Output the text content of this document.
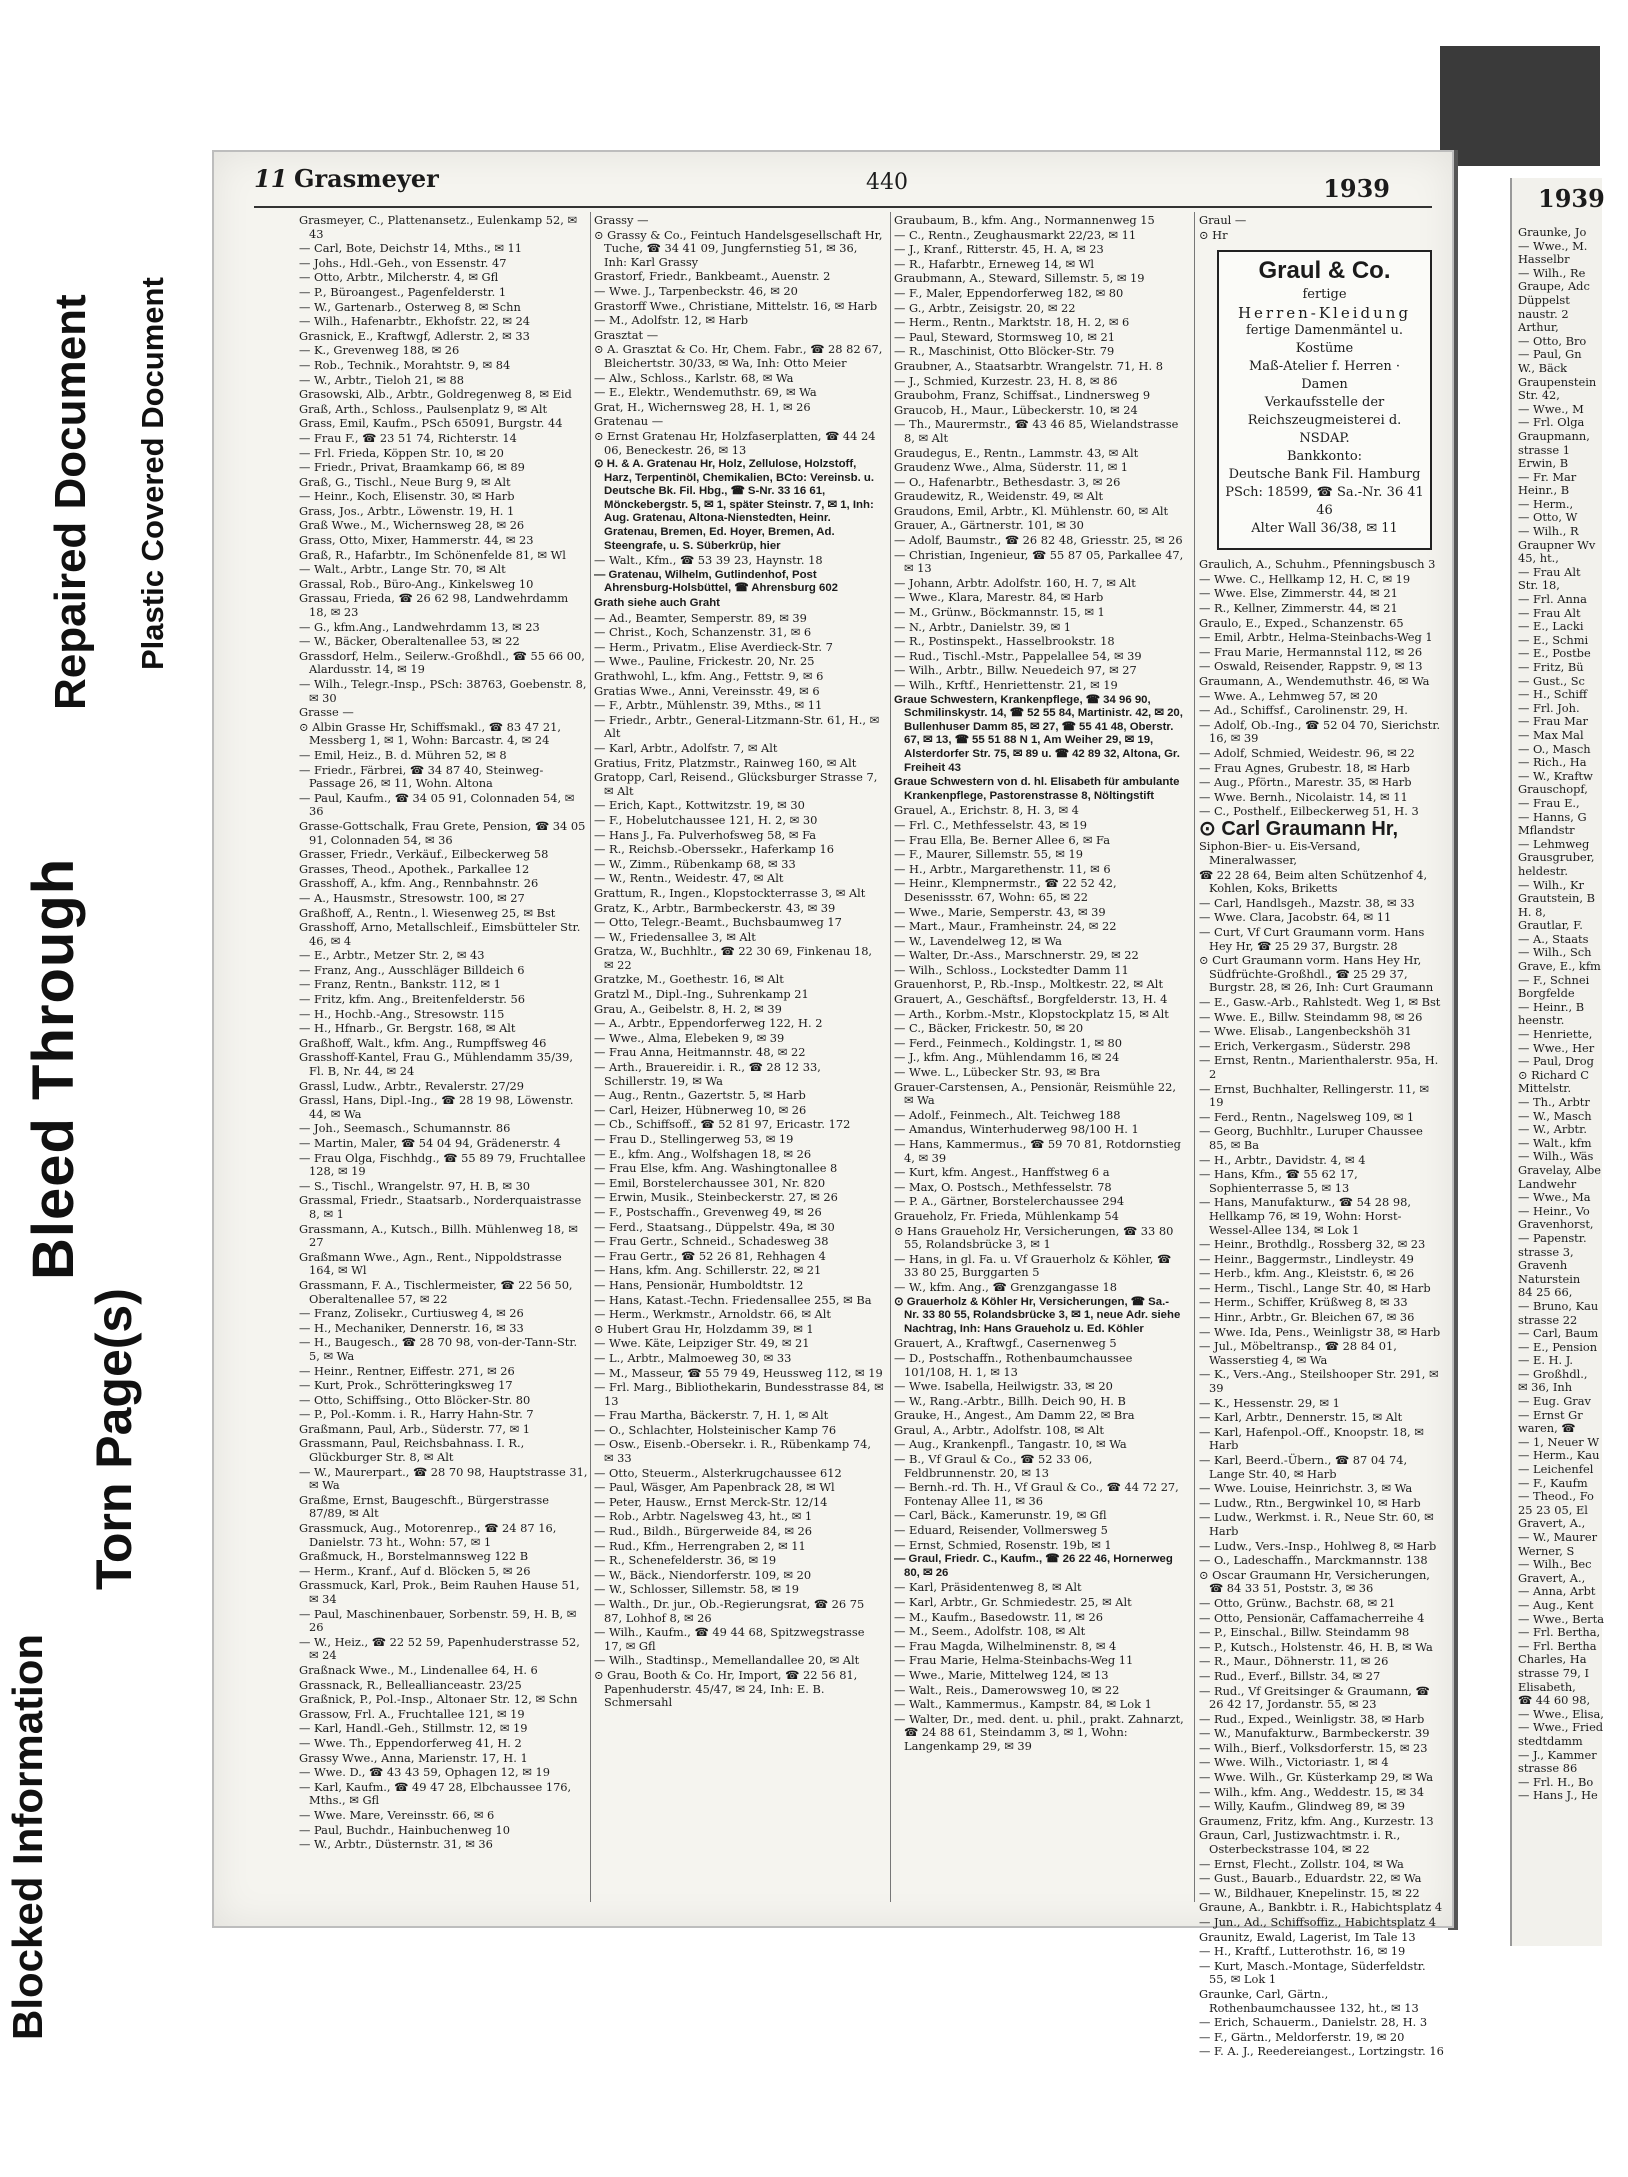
Torn Page(s)
Blocked Information
Bleed Through
Repaired Document Plastic Covered Document
11 Grasmeyer	440	1939
Grasmeyer, C., Plattenansetz., Eulenkamp 52, ✉ 43
— Carl, Bote, Deichstr 14, Mths., ✉ 11
— Johs., Hdl.-Geh., von Essenstr. 47
— Otto, Arbtr., Milcherstr. 4, ✉ Gfl
— P., Büroangest., Pagenfelderstr. 1
— W., Gartenarb., Osterweg 8, ✉ Schn
— Wilh., Hafenarbtr., Ekhofstr. 22, ✉ 24
Grasnick, E., Kraftwgf, Adlerstr. 2, ✉ 33
— K., Grevenweg 188, ✉ 26
— Rob., Technik., Morahtstr. 9, ✉ 84
— W., Arbtr., Tieloh 21, ✉ 88
Grasowski, Alb., Arbtr., Goldregenweg 8, ✉ Eid
Graß, Arth., Schloss., Paulsenplatz 9, ✉ Alt
Grass, Emil, Kaufm., PSch 65091, Burgstr. 44
— Frau F., ☎ 23 51 74, Richterstr. 14
— Frl. Frieda, Köppen Str. 10, ✉ 20
— Friedr., Privat, Braamkamp 66, ✉ 89
Graß, G., Tischl., Neue Burg 9, ✉ Alt
— Heinr., Koch, Elisenstr. 30, ✉ Harb
Grass, Jos., Arbtr., Löwenstr. 19, H. 1
Graß Wwe., M., Wichernsweg 28, ✉ 26
Grass, Otto, Mixer, Hammerstr. 44, ✉ 23
Graß, R., Hafarbtr., Im Schönenfelde 81, ✉ Wl
— Walt., Arbtr., Lange Str. 70, ✉ Alt
Grassal, Rob., Büro-Ang., Kinkelsweg 10
Grassau, Frieda, ☎ 26 62 98, Landwehrdamm 18, ✉ 23
— G., kfm.Ang., Landwehrdamm 13, ✉ 23
— W., Bäcker, Oberaltenallee 53, ✉ 22
Grassdorf, Helm., Seilerw.-Großhdl., ☎ 55 66 00, Alardusstr. 14, ✉ 19
— Wilh., Telegr.-Insp., PSch: 38763, Goebenstr. 8, ✉ 30
Grasse —
⊙ Albin Grasse Hr, Schiffsmakl., ☎ 83 47 21, Messberg 1, ✉ 1, Wohn: Barcastr. 4, ✉ 24
— Emil, Heiz., B. d. Mühren 52, ✉ 8
— Friedr., Färbrei, ☎ 34 87 40, Steinweg-Passage 26, ✉ 11, Wohn. Altona
— Paul, Kaufm., ☎ 34 05 91, Colonnaden 54, ✉ 36
Grasse-Gottschalk, Frau Grete, Pension, ☎ 34 05 91, Colonnaden 54, ✉ 36
Grasser, Friedr., Verkäuf., Eilbeckerweg 58
Grasses, Theod., Apothek., Parkallee 12
Grasshoff, A., kfm. Ang., Rennbahnstr. 26
— A., Hausmstr., Stresowstr. 100, ✉ 27
Graßhoff, A., Rentn., l. Wiesenweg 25, ✉ Bst
Grasshoff, Arno, Metallschleif., Eimsbütteler Str. 46, ✉ 4
— E., Arbtr., Metzer Str. 2, ✉ 43
— Franz, Ang., Ausschläger Billdeich 6
— Franz, Rentn., Bankstr. 112, ✉ 1
— Fritz, kfm. Ang., Breitenfelderstr. 56
— H., Hochb.-Ang., Stresowstr. 115
— H., Hfnarb., Gr. Bergstr. 168, ✉ Alt
Graßhoff, Walt., kfm. Ang., Rumpffsweg 46
Grasshoff-Kantel, Frau G., Mühlendamm 35/39, Fl. B, Nr. 44, ✉ 24
Grassl, Ludw., Arbtr., Revalerstr. 27/29
Grassl, Hans, Dipl.-Ing., ☎ 28 19 98, Löwenstr. 44, ✉ Wa
— Joh., Seemasch., Schumannstr. 86
— Martin, Maler, ☎ 54 04 94, Grädenerstr. 4
— Frau Olga, Fischhdg., ☎ 55 89 79, Fruchtallee 128, ✉ 19
— S., Tischl., Wrangelstr. 97, H. B, ✉ 30
Grassmal, Friedr., Staatsarb., Norderquaistrasse 8, ✉ 1
Grassmann, A., Kutsch., Billh. Mühlenweg 18, ✉ 27
Graßmann Wwe., Agn., Rent., Nippoldstrasse 164, ✉ Wl
Grassmann, F. A., Tischlermeister, ☎ 22 56 50, Oberaltenallee 57, ✉ 22
— Franz, Zolisekr., Curtiusweg 4, ✉ 26
— H., Mechaniker, Dennerstr. 16, ✉ 33
— H., Baugesch., ☎ 28 70 98, von-der-Tann-Str. 5, ✉ Wa
— Heinr., Rentner, Eiffestr. 271, ✉ 26
— Kurt, Prok., Schrötteringksweg 17
— Otto, Schiffsing., Otto Blöcker-Str. 80
— P., Pol.-Komm. i. R., Harry Hahn-Str. 7
Graßmann, Paul, Arb., Süderstr. 77, ✉ 1
Grassmann, Paul, Reichsbahnass. I. R., Glückburger Str. 8, ✉ Alt
— W., Maurerpart., ☎ 28 70 98, Hauptstrasse 31, ✉ Wa
Graßme, Ernst, Baugeschft., Bürgerstrasse 87/89, ✉ Alt
Grassmuck, Aug., Motorenrep., ☎ 24 87 16, Danielstr. 73 ht., Wohn: 57, ✉ 1
Graßmuck, H., Borstelmannsweg 122 B
— Herm., Kranf., Auf d. Blöcken 5, ✉ 26
Grassmuck, Karl, Prok., Beim Rauhen Hause 51, ✉ 34
— Paul, Maschinenbauer, Sorbenstr. 59, H. B, ✉ 26
— W., Heiz., ☎ 22 52 59, Papenhuderstrasse 52, ✉ 24
Graßnack Wwe., M., Lindenallee 64, H. 6
Grassnack, R., Belleallianceastr. 23/25
Graßnick, P., Pol.-Insp., Altonaer Str. 12, ✉ Schn
Grassow, Frl. A., Fruchtallee 121, ✉ 19
— Karl, Handl.-Geh., Stillmstr. 12, ✉ 19
— Wwe. Th., Eppendorferweg 41, H. 2
Grassy Wwe., Anna, Marienstr. 17, H. 1
— Wwe. D., ☎ 43 43 59, Ophagen 12, ✉ 19
— Karl, Kaufm., ☎ 49 47 28, Elbchaussee 176, Mths., ✉ Gfl
— Wwe. Mare, Vereinsstr. 66, ✉ 6
— Paul, Buchdr., Hainbuchenweg 10
— W., Arbtr., Düsternstr. 31, ✉ 36
Grassy —
⊙ Grassy & Co., Feintuch Handelsgesellschaft Hr, Tuche, ☎ 34 41 09, Jungfernstieg 51, ✉ 36, Inh: Karl Grassy
Grastorf, Friedr., Bankbeamt., Auenstr. 2
— Wwe. J., Tarpenbeckstr. 46, ✉ 20
Grastorff Wwe., Christiane, Mittelstr. 16, ✉ Harb
— M., Adolfstr. 12, ✉ Harb
Grasztat —
⊙ A. Grasztat & Co. Hr, Chem. Fabr., ☎ 28 82 67, Bleichertstr. 30/33, ✉ Wa, Inh: Otto Meier
— Alw., Schloss., Karlstr. 68, ✉ Wa
— E., Elektr., Wendemuthstr. 69, ✉ Wa
Grat, H., Wichernsweg 28, H. 1, ✉ 26
Gratenau —
⊙ Ernst Gratenau Hr, Holzfaserplatten, ☎ 44 24 06, Beneckestr. 26, ✉ 13
⊙ H. & A. Gratenau Hr, Holz, Zellulose, Holzstoff, Harz, Terpentinöl, Chemikalien, BCto: Vereinsb. u. Deutsche Bk. Fil. Hbg., ☎ S-Nr. 33 16 61, Mönckebergstr. 5, ✉ 1, später Steinstr. 7, ✉ 1, Inh: Aug. Gratenau, Altona-Nienstedten, Heinr. Gratenau, Bremen, Ed. Hoyer, Bremen, Ad. Steengrafe, u. S. Süberkrüp, hier
— Walt., Kfm., ☎ 53 39 23, Haynstr. 18
— Gratenau, Wilhelm, Gutlindenhof, Post Ahrensburg-Holsbüttel, ☎ Ahrensburg 602
Grath siehe auch Graht
— Ad., Beamter, Semperstr. 89, ✉ 39
— Christ., Koch, Schanzenstr. 31, ✉ 6
— Herm., Privatm., Elise Averdieck-Str. 7
— Wwe., Pauline, Frickestr. 20, Nr. 25
Grathwohl, L., kfm. Ang., Fettstr. 9, ✉ 6
Gratias Wwe., Anni, Vereinsstr. 49, ✉ 6
— F., Arbtr., Mühlenstr. 39, Mths., ✉ 11
— Friedr., Arbtr., General-Litzmann-Str. 61, H., ✉ Alt
— Karl, Arbtr., Adolfstr. 7, ✉ Alt
Gratius, Fritz, Platzmstr., Rainweg 160, ✉ Alt
Gratopp, Carl, Reisend., Glücksburger Strasse 7, ✉ Alt
— Erich, Kapt., Kottwitzstr. 19, ✉ 30
— F., Hobelutchaussee 121, H. 2, ✉ 30
— Hans J., Fa. Pulverhofsweg 58, ✉ Fa
— R., Reichsb.-Oberssekr., Haferkamp 16
— W., Zimm., Rübenkamp 68, ✉ 33
— W., Rentn., Weidestr. 47, ✉ Alt
Grattum, R., Ingen., Klopstockterrasse 3, ✉ Alt
Gratz, K., Arbtr., Barmbeckerstr. 43, ✉ 39
— Otto, Telegr.-Beamt., Buchsbaumweg 17
— W., Friedensallee 3, ✉ Alt
Gratza, W., Buchhltr., ☎ 22 30 69, Finkenau 18, ✉ 22
Gratzke, M., Goethestr. 16, ✉ Alt
Gratzl M., Dipl.-Ing., Suhrenkamp 21
Grau, A., Geibelstr. 8, H. 2, ✉ 39
— A., Arbtr., Eppendorferweg 122, H. 2
— Wwe., Alma, Elebeken 9, ✉ 39
— Frau Anna, Heitmannstr. 48, ✉ 22
— Arth., Brauereidir. i. R., ☎ 28 12 33, Schillerstr. 19, ✉ Wa
— Aug., Rentn., Gazertstr. 5, ✉ Harb
— Carl, Heizer, Hübnerweg 10, ✉ 26
— Cb., Schiffsoff., ☎ 52 81 97, Ericastr. 172
— Frau D., Stellingerweg 53, ✉ 19
— E., kfm. Ang., Wolfshagen 18, ✉ 26
— Frau Else, kfm. Ang. Washingtonallee 8
— Emil, Borstelerchaussee 301, Nr. 820
— Erwin, Musik., Steinbeckerstr. 27, ✉ 26
— F., Postschaffn., Grevenweg 49, ✉ 26
— Ferd., Staatsang., Düppelstr. 49a, ✉ 30
— Frau Gertr., Schneid., Schadesweg 38
— Frau Gertr., ☎ 52 26 81, Rehhagen 4
— Hans, kfm. Ang. Schillerstr. 22, ✉ 21
— Hans, Pensionär, Humboldtstr. 12
— Hans, Katast.-Techn. Friedensallee 255, ✉ Ba
— Herm., Werkmstr., Arnoldstr. 66, ✉ Alt
⊙ Hubert Grau Hr, Holzdamm 39, ✉ 1
— Wwe. Käte, Leipziger Str. 49, ✉ 21
— L., Arbtr., Malmoeweg 30, ✉ 33
— M., Masseur, ☎ 55 79 49, Heussweg 112, ✉ 19
— Frl. Marg., Bibliothekarin, Bundesstrasse 84, ✉ 13
— Frau Martha, Bäckerstr. 7, H. 1, ✉ Alt
— O., Schlachter, Holsteinischer Kamp 76
— Osw., Eisenb.-Obersekr. i. R., Rübenkamp 74, ✉ 33
— Otto, Steuerm., Alsterkrugchaussee 612
— Paul, Wäsger, Am Papenbrack 28, ✉ Wl
— Peter, Hausw., Ernst Merck-Str. 12/14
— Rob., Arbtr. Nagelsweg 43, ht., ✉ 1
— Rud., Bildh., Bürgerweide 84, ✉ 26
— Rud., Kfm., Herrengraben 2, ✉ 11
— R., Schenefelderstr. 36, ✉ 19
— W., Bäck., Niendorferstr. 109, ✉ 20
— W., Schlosser, Sillemstr. 58, ✉ 19
— Walth., Dr. jur., Ob.-Regierungsrat, ☎ 26 75 87, Lohhof 8, ✉ 26
— Wilh., Kaufm., ☎ 49 44 68, Spitzwegstrasse 17, ✉ Gfl
— Wilh., Stadtinsp., Memellandallee 20, ✉ Alt
⊙ Grau, Booth & Co. Hr, Import, ☎ 22 56 81, Papenhuderstr. 45/47, ✉ 24, Inh: E. B. Schmersahl
Graubaum, B., kfm. Ang., Normannenweg 15
— C., Rentn., Zeughausmarkt 22/23, ✉ 11
— J., Kranf., Ritterstr. 45, H. A, ✉ 23
— R., Hafarbtr., Erneweg 14, ✉ Wl
Graubmann, A., Steward, Sillemstr. 5, ✉ 19
— F., Maler, Eppendorferweg 182, ✉ 80
— G., Arbtr., Zeisigstr. 20, ✉ 22
— Herm., Rentn., Marktstr. 18, H. 2, ✉ 6
— Paul, Steward, Stormsweg 10, ✉ 21
— R., Maschinist, Otto Blöcker-Str. 79
Graubner, A., Staatsarbtr. Wrangelstr. 71, H. 8
— J., Schmied, Kurzestr. 23, H. 8, ✉ 86
Graubohm, Franz, Schiffsat., Lindnersweg 9
Graucob, H., Maur., Lübeckerstr. 10, ✉ 24
— Th., Maurermstr., ☎ 43 46 85, Wielandstrasse 8, ✉ Alt
Graudegus, E., Rentn., Lammstr. 43, ✉ Alt
Graudenz Wwe., Alma, Süderstr. 11, ✉ 1
— O., Hafenarbtr., Bethesdastr. 3, ✉ 26
Graudewitz, R., Weidenstr. 49, ✉ Alt
Graudons, Emil, Arbtr., Kl. Mühlenstr. 60, ✉ Alt
Grauer, A., Gärtnerstr. 101, ✉ 30
— Adolf, Baumstr., ☎ 26 82 48, Griesstr. 25, ✉ 26
— Christian, Ingenieur, ☎ 55 87 05, Parkallee 47, ✉ 13
— Johann, Arbtr. Adolfstr. 160, H. 7, ✉ Alt
— Wwe., Klara, Marestr. 84, ✉ Harb
— M., Grünw., Böckmannstr. 15, ✉ 1
— N., Arbtr., Danielstr. 39, ✉ 1
— R., Postinspekt., Hasselbrookstr. 18
— Rud., Tischl.-Mstr., Pappelallee 54, ✉ 39
— Wilh., Arbtr., Billw. Neuedeich 97, ✉ 27
— Wilh., Krftf., Henriettenstr. 21, ✉ 19
Graue Schwestern, Krankenpflege, ☎ 34 96 90, Schmilinskystr. 14, ☎ 52 55 84, Martinistr. 42, ✉ 20, Bullenhuser Damm 85, ✉ 27, ☎ 55 41 48, Oberstr. 67, ✉ 13, ☎ 55 51 88 N 1, Am Weiher 29, ✉ 19, Alsterdorfer Str. 75, ✉ 89 u. ☎ 42 89 32, Altona, Gr. Freiheit 43
Graue Schwestern von d. hl. Elisabeth für ambulante Krankenpflege, Pastorenstrasse 8, Nöltingstift
Grauel, A., Erichstr. 8, H. 3, ✉ 4
— Frl. C., Methfesselstr. 43, ✉ 19
— Frau Ella, Be. Berner Allee 6, ✉ Fa
— F., Maurer, Sillemstr. 55, ✉ 19
— H., Arbtr., Margarethenstr. 11, ✉ 6
— Heinr., Klempnermstr., ☎ 22 52 42, Desenissstr. 67, Wohn: 65, ✉ 22
— Wwe., Marie, Semperstr. 43, ✉ 39
— Mart., Maur., Framheinstr. 24, ✉ 22
— W., Lavendelweg 12, ✉ Wa
— Walter, Dr.-Ass., Marschnerstr. 29, ✉ 22
— Wilh., Schloss., Lockstedter Damm 11
Grauenhorst, P., Rb.-Insp., Moltkestr. 22, ✉ Alt
Grauert, A., Geschäftsf., Borgfelderstr. 13, H. 4
— Arth., Korbm.-Mstr., Klopstockplatz 15, ✉ Alt
— C., Bäcker, Frickestr. 50, ✉ 20
— Ferd., Feinmech., Koldingstr. 1, ✉ 80
— J., kfm. Ang., Mühlendamm 16, ✉ 24
— Wwe. L., Lübecker Str. 93, ✉ Bra
Grauer-Carstensen, A., Pensionär, Reismühle 22, ✉ Wa
— Adolf., Feinmech., Alt. Teichweg 188
— Amandus, Winterhuderweg 98/100 H. 1
— Hans, Kammermus., ☎ 59 70 81, Rotdornstieg 4, ✉ 39
— Kurt, kfm. Angest., Hanffstweg 6 a
— Max, O. Postsch., Methfesselstr. 78
— P. A., Gärtner, Borstelerchaussee 294
Graueholz, Fr. Frieda, Mühlenkamp 54
⊙ Hans Graueholz Hr, Versicherungen, ☎ 33 80 55, Rolandsbrücke 3, ✉ 1
— Hans, in gl. Fa. u. Vf Grauerholz & Köhler, ☎ 33 80 25, Burggarten 5
— W., kfm. Ang., ☎ Grenzgangasse 18
⊙ Grauerholz & Köhler Hr, Versicherungen, ☎ Sa.-Nr. 33 80 55, Rolandsbrücke 3, ✉ 1, neue Adr. siehe Nachtrag, Inh: Hans Graueholz u. Ed. Köhler
Grauert, A., Kraftwgf., Casernenweg 5
— D., Postschaffn., Rothenbaumchaussee 101/108, H. 1, ✉ 13
— Wwe. Isabella, Heilwigstr. 33, ✉ 20
— W., Rang.-Arbtr., Billh. Deich 90, H. B
Grauke, H., Angest., Am Damm 22, ✉ Bra
Graul, A., Arbtr., Adolfstr. 108, ✉ Alt
— Aug., Krankenpfl., Tangastr. 10, ✉ Wa
— B., Vf Graul & Co., ☎ 52 33 06, Feldbrunnenstr. 20, ✉ 13
— Bernh.-rd. Th. H., Vf Graul & Co., ☎ 44 72 27, Fontenay Allee 11, ✉ 36
— Carl, Bäck., Kamerunstr. 19, ✉ Gfl
— Eduard, Reisender, Vollmersweg 5
— Ernst, Schmied, Rosenstr. 19b, ✉ 1
— Graul, Friedr. C., Kaufm., ☎ 26 22 46, Hornerweg 80, ✉ 26
— Karl, Präsidentenweg 8, ✉ Alt
— Karl, Arbtr., Gr. Schmiedestr. 25, ✉ Alt
— M., Kaufm., Basedowstr. 11, ✉ 26
— M., Seem., Adolfstr. 108, ✉ Alt
— Frau Magda, Wilhelminenstr. 8, ✉ 4
— Frau Marie, Helma-Steinbachs-Weg 11
— Wwe., Marie, Mittelweg 124, ✉ 13
— Walt., Reis., Damerowsweg 10, ✉ 22
— Walt., Kammermus., Kampstr. 84, ✉ Lok 1
— Walter, Dr., med. dent. u. phil., prakt. Zahnarzt, ☎ 24 88 61, Steindamm 3, ✉ 1, Wohn: Langenkamp 29, ✉ 39
Graul —
⊙ Hr
Graul & Co.
fertige
Herren-Kleidung
fertige Damenmäntel u. Kostüme
Maß-Atelier f. Herren · Damen
Verkaufsstelle der
Reichszeugmeisterei d. NSDAP.
Bankkonto:
Deutsche Bank Fil. Hamburg
PSch: 18599, ☎ Sa.-Nr. 36 41 46
Alter Wall 36/38, ✉ 11
Graulich, A., Schuhm., Pfenningsbusch 3
— Wwe. C., Hellkamp 12, H. C, ✉ 19
— Wwe. Else, Zimmerstr. 44, ✉ 21
— R., Kellner, Zimmerstr. 44, ✉ 21
Graulo, E., Exped., Schanzenstr. 65
— Emil, Arbtr., Helma-Steinbachs-Weg 1
— Frau Marie, Hermannstal 112, ✉ 26
— Oswald, Reisender, Rappstr. 9, ✉ 13
Graumann, A., Wendemuthstr. 46, ✉ Wa
— Wwe. A., Lehmweg 57, ✉ 20
— Ad., Schiffsf., Carolinenstr. 29, H.
— Adolf, Ob.-Ing., ☎ 52 04 70, Sierichstr. 16, ✉ 39
— Adolf, Schmied, Weidestr. 96, ✉ 22
— Frau Agnes, Grubestr. 18, ✉ Harb
— Aug., Pförtn., Marestr. 35, ✉ Harb
— Wwe. Bernh., Nicolaistr. 14, ✉ 11
— C., Posthelf., Eilbeckerweg 51, H. 3
⊙ Carl Graumann Hr,
Siphon-Bier- u. Eis-Versand, Mineralwasser,
☎ 22 28 64, Beim alten Schützenhof 4, Kohlen, Koks, Briketts
— Carl, Handlsgeh., Mazstr. 38, ✉ 33
— Wwe. Clara, Jacobstr. 64, ✉ 11
— Curt, Vf Curt Graumann vorm. Hans Hey Hr, ☎ 25 29 37, Burgstr. 28
⊙ Curt Graumann vorm. Hans Hey Hr, Südfrüchte-Großhdl., ☎ 25 29 37, Burgstr. 28, ✉ 26, Inh: Curt Graumann
— E., Gasw.-Arb., Rahlstedt. Weg 1, ✉ Bst
— Wwe. E., Billw. Steindamm 98, ✉ 26
— Wwe. Elisab., Langenbeckshöh 31
— Erich, Verkergasm., Süderstr. 298
— Ernst, Rentn., Marienthalerstr. 95a, H. 2
— Ernst, Buchhalter, Rellingerstr. 11, ✉ 19
— Ferd., Rentn., Nagelsweg 109, ✉ 1
— Georg, Buchhltr., Luruper Chaussee 85, ✉ Ba
— H., Arbtr., Davidstr. 4, ✉ 4
— Hans, Kfm., ☎ 55 62 17, Sophienterrasse 5, ✉ 13
— Hans, Manufakturw., ☎ 54 28 98, Hellkamp 76, ✉ 19, Wohn: Horst-Wessel-Allee 134, ✉ Lok 1
— Heinr., Brothdlg., Rossberg 32, ✉ 23
— Heinr., Baggermstr., Lindleystr. 49
— Herb., kfm. Ang., Kleiststr. 6, ✉ 26
— Herm., Tischl., Lange Str. 40, ✉ Harb
— Herm., Schiffer, Krüßweg 8, ✉ 33
— Hinr., Arbtr., Gr. Bleichen 67, ✉ 36
— Wwe. Ida, Pens., Weinligstr 38, ✉ Harb
— Jul., Möbeltransp., ☎ 28 84 01, Wasserstieg 4, ✉ Wa
— K., Vers.-Ang., Steilshooper Str. 291, ✉ 39
— K., Hessenstr. 29, ✉ 1
— Karl, Arbtr., Dennerstr. 15, ✉ Alt
— Karl, Hafenpol.-Off., Knoopstr. 18, ✉ Harb
— Karl, Beerd.-Übern., ☎ 87 04 74, Lange Str. 40, ✉ Harb
— Wwe. Louise, Heinrichstr. 3, ✉ Wa
— Ludw., Rtn., Bergwinkel 10, ✉ Harb
— Ludw., Werkmst. i. R., Neue Str. 60, ✉ Harb
— Ludw., Vers.-Insp., Hohlweg 8, ✉ Harb
— O., Ladeschaffn., Marckmannstr. 138
⊙ Oscar Graumann Hr, Versicherungen, ☎ 84 33 51, Poststr. 3, ✉ 36
— Otto, Grünw., Bachstr. 68, ✉ 21
— Otto, Pensionär, Caffamacherreihe 4
— P., Einschal., Billw. Steindamm 98
— P., Kutsch., Holstenstr. 46, H. B, ✉ Wa
— R., Maur., Döhnerstr. 11, ✉ 26
— Rud., Everf., Billstr. 34, ✉ 27
— Rud., Vf Greitsinger & Graumann, ☎ 26 42 17, Jordanstr. 55, ✉ 23
— Rud., Exped., Weinligstr. 38, ✉ Harb
— W., Manufakturw., Barmbeckerstr. 39
— Wilh., Bierf., Volksdorferstr. 15, ✉ 23
— Wwe. Wilh., Victoriastr. 1, ✉ 4
— Wwe. Wilh., Gr. Küsterkamp 29, ✉ Wa
— Wilh., kfm. Ang., Weddestr. 15, ✉ 34
— Willy, Kaufm., Glindweg 89, ✉ 39
Graumenz, Fritz, kfm. Ang., Kurzestr. 13
Graun, Carl, Justizwachtmstr. i. R., Osterbeckstrasse 104, ✉ 22
— Ernst, Flecht., Zollstr. 104, ✉ Wa
— Gust., Bauarb., Eduardstr. 22, ✉ Wa
— W., Bildhauer, Knepelinstr. 15, ✉ 22
Graune, A., Bankbtr. i. R., Habichtsplatz 4
— Jun., Ad., Schiffsoffiz., Habichtsplatz 4
Graunitz, Ewald, Lagerist, Im Tale 13
— H., Kraftf., Lutterothstr. 16, ✉ 19
— Kurt, Masch.-Montage, Süderfeldstr. 55, ✉ Lok 1
Graunke, Carl, Gärtn., Rothenbaumchaussee 132, ht., ✉ 13
— Erich, Schauerm., Danielstr. 28, H. 3
— F., Gärtn., Meldorferstr. 19, ✉ 20
— F. A. J., Reedereiangest., Lortzingstr. 16
1939
Graunke, Jo
— Wwe., M.
Hasselbr
— Wilh., Re
Graupe, Adc
Düppelst
naustr. 2
Arthur,
— Otto, Bro
— Paul, Gn
W., Bäck
Graupenstein
Str. 42,
— Wwe., M
— Frl. Olga
Graupmann,
strasse 1
Erwin, B
— Fr. Mar
Heinr., B
— Herm.,
— Otto, W
— Wilh., R
Graupner Wv
45, ht.,
— Frau Alt
Str. 18,
— Frl. Anna
— Frau Alt
— E., Lacki
— E., Schmi
— E., Postbe
— Fritz, Bü
— Gust., Sc
— H., Schiff
— Frl. Joh.
— Frau Mar
— Max Mal
— O., Masch
— Rich., Ha
— W., Kraftw
Grauschopf,
— Frau E.,
— Hanns, G
Mflandstr
— Lehmweg
Grausgruber,
heldestr.
— Wilh., Kr
Grautstein, B
H. 8,
Grautlar, F.
— A., Staats
— Wilh., Sch
Grave, E., kfm
— F., Schnei
Borgfelde
— Heinr., B
heenstr.
— Henriette,
— Wwe., Her
— Paul, Drog
⊙ Richard C
Mittelstr.
— Th., Arbtr
— W., Masch
— W., Arbtr.
— Walt., kfm
— Wilh., Wäs
Gravelay, Albe
Landwehr
— Wwe., Ma
— Heinr., Vo
Gravenhorst,
— Papenstr.
strasse 3,
Gravenh
Naturstein
84 25 66,
— Bruno, Kau
strasse 22
— Carl, Baum
— E., Pension
— E. H. J.
— Großhdl.,
✉ 36, Inh
— Eug. Grav
— Ernst Gr
waren, ☎
— 1, Neuer W
— Herm., Kau
— Leichenfel
— F., Kaufm
— Theod., Fo
25 23 05, El
Gravert, A.,
— W., Maurer
Werner, S
— Wilh., Bec
Gravert, A.,
— Anna, Arbt
— Aug., Kent
— Wwe., Berta
— Frl. Bertha,
— Frl. Bertha
Charles, Ha
strasse 79, I
Elisabeth,
☎ 44 60 98,
— Wwe., Elisa,
— Wwe., Fried
stedtdamm
— J., Kammer
strasse 86
— Frl. H., Bo
— Hans J., He
